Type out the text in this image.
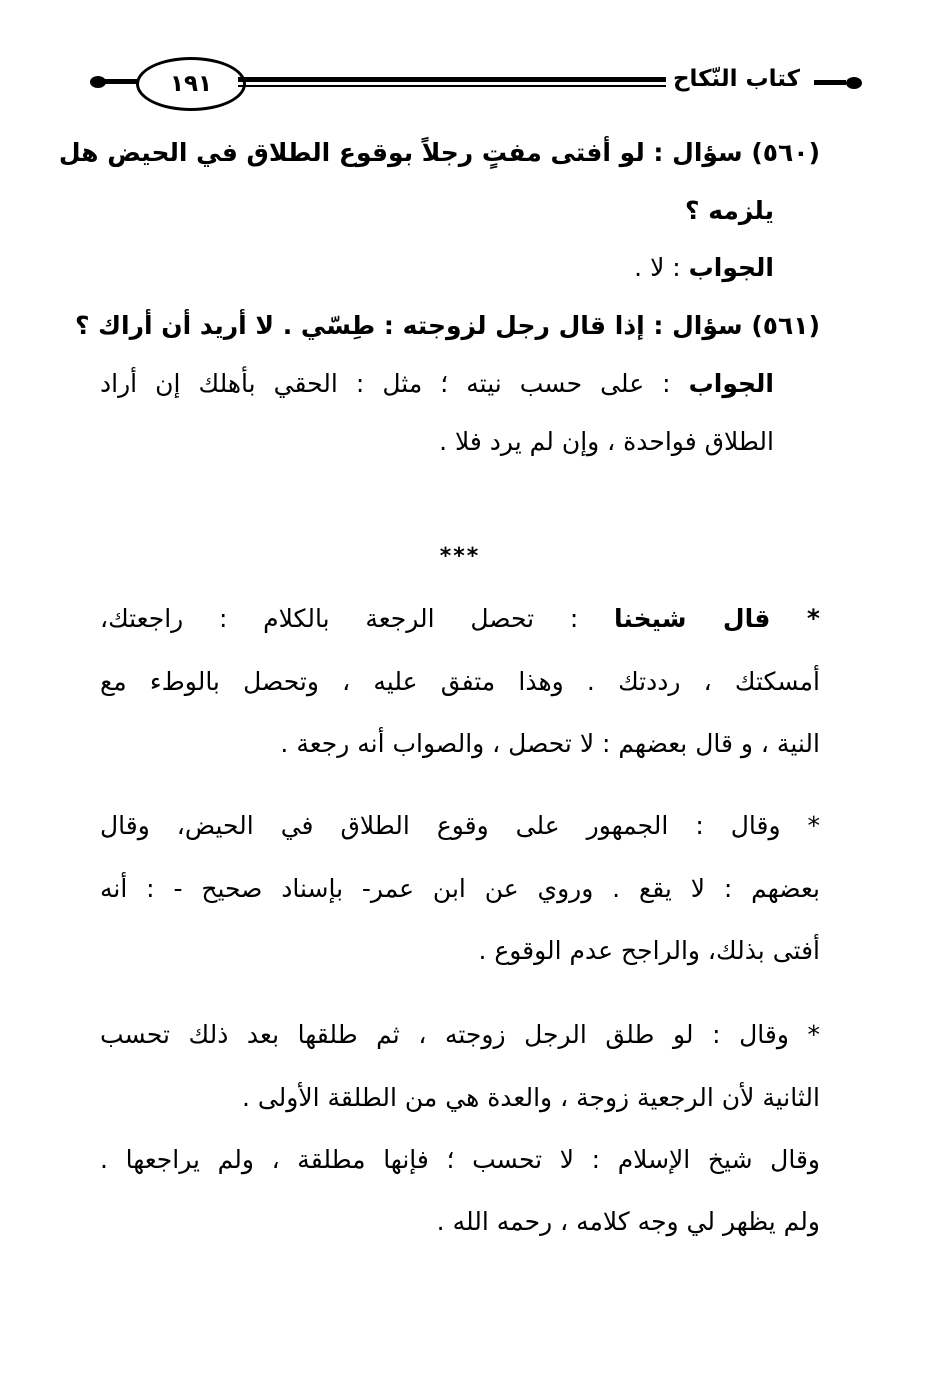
١٩١	كتاب النّكاح
(٥٦٠) سؤال : لو أفتى مفتٍ رجلاً بوقوع الطلاق في الحيض هل
يلزمه ؟
الجواب : لا .
(٥٦١) سؤال : إذا قال رجل لزوجته : طِسّي . لا أريد أن أراك ؟
الجواب : على حسب نيته ؛ مثل : الحقي بأهلك إن أراد
الطلاق فواحدة ، وإن لم يرد فلا .
***
* قال شيخنا : تحصل الرجعة بالكلام : راجعتك،
أمسكتك ، رددتك . وهذا متفق عليه ، وتحصل بالوطء مع
النية ، و قال بعضهم : لا تحصل ، والصواب أنه رجعة .
* وقال : الجمهور على وقوع الطلاق في الحيض، وقال
بعضهم : لا يقع . وروي عن ابن عمر- بإسناد صحيح - : أنه
أفتى بذلك، والراجح عدم الوقوع .
* وقال : لو طلق الرجل زوجته ، ثم طلقها بعد ذلك تحسب
الثانية لأن الرجعية زوجة ، والعدة هي من الطلقة الأولى .
وقال شيخ الإسلام : لا تحسب ؛ فإنها مطلقة ، ولم يراجعها .
ولم يظهر لي وجه كلامه ، رحمه الله .
